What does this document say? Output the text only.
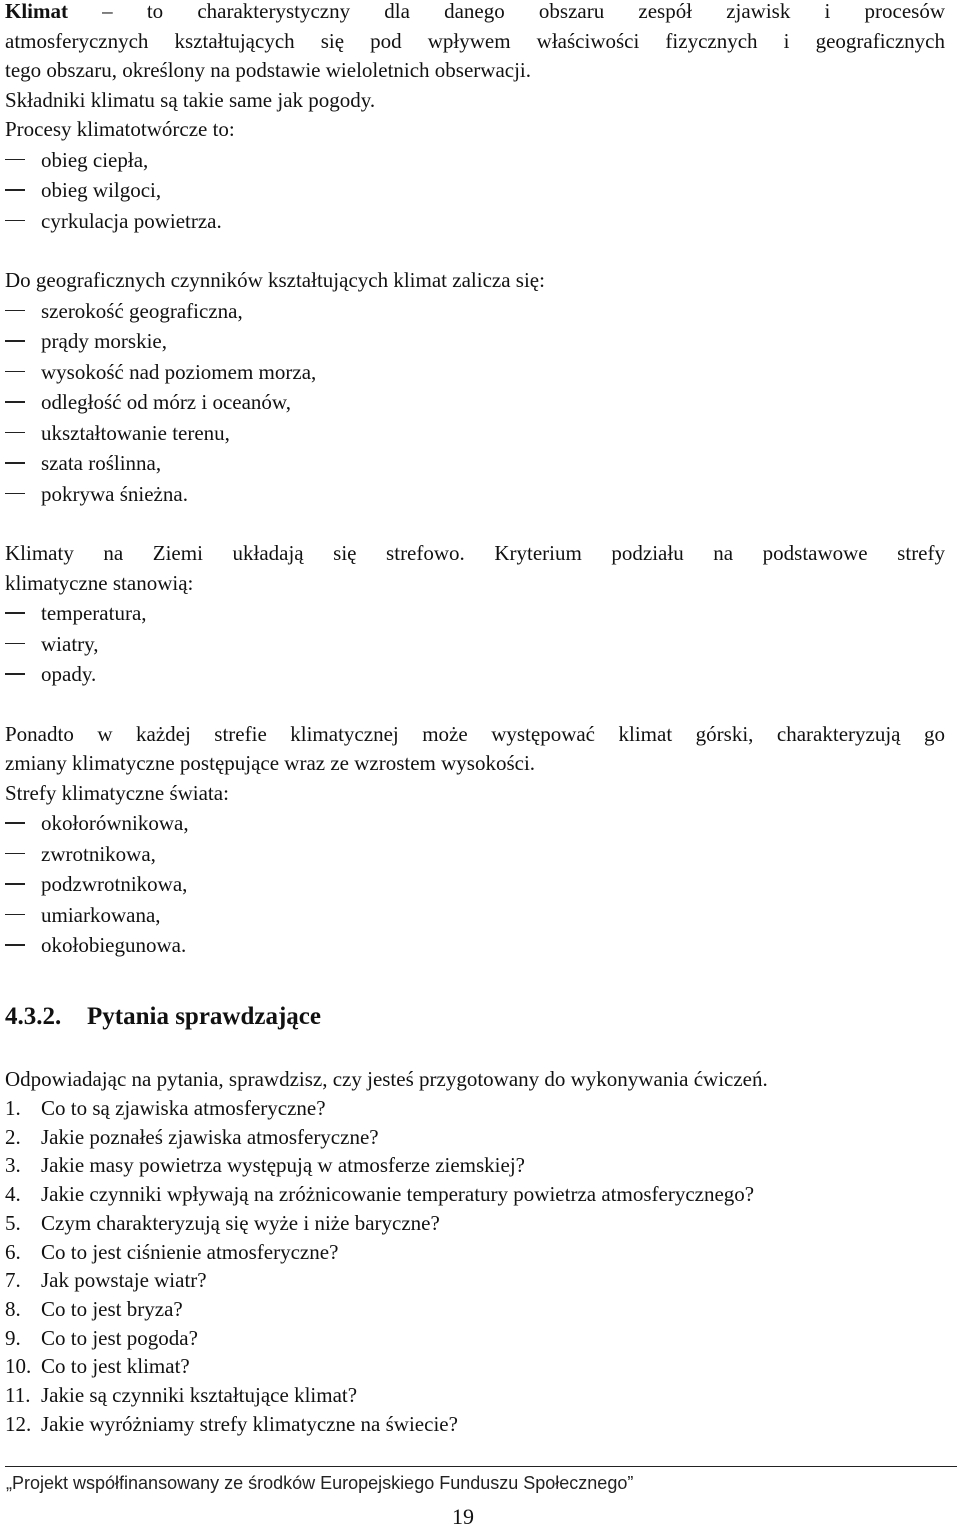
Klimat – to charakterystyczny dla danego obszaru zespół zjawisk i procesów

atmosferycznych kształtujących się pod wpływem właściwości fizycznych i geograficznych

tego obszaru, określony na podstawie wieloletnich obserwacji.

Składniki klimatu są takie same jak pogody.

Procesy klimatotwórcze to:

obieg ciepła,
obieg wilgoci,
cyrkulacja powietrza.

Do geograficznych czynników kształtujących klimat zalicza się:

szerokość geograficzna,
prądy morskie,
wysokość nad poziomem morza,
odległość od mórz i oceanów,
ukształtowanie terenu,
szata roślinna,
pokrywa śnieżna.

Klimaty na Ziemi układają się strefowo. Kryterium podziału na podstawowe strefy

klimatyczne stanowią:

temperatura,
wiatry,
opady.

Ponadto w każdej strefie klimatycznej może występować klimat górski, charakteryzują go

zmiany klimatyczne postępujące wraz ze wzrostem wysokości.

Strefy klimatyczne świata:

okołorównikowa,
zwrotnikowa,
podzwrotnikowa,
umiarkowana,
okołobiegunowa.
4.3.2. Pytania sprawdzające

Odpowiadając na pytania, sprawdzisz, czy jesteś przygotowany do wykonywania ćwiczeń.

1. Co to są zjawiska atmosferyczne?
2. Jakie poznałeś zjawiska atmosferyczne?
3. Jakie masy powietrza występują w atmosferze ziemskiej?
4. Jakie czynniki wpływają na zróżnicowanie temperatury powietrza atmosferycznego?
5. Czym charakteryzują się wyże i niże baryczne?
6. Co to jest ciśnienie atmosferyczne?
7. Jak powstaje wiatr?
8. Co to jest bryza?
9. Co to jest pogoda?
10. Co to jest klimat?
11. Jakie są czynniki kształtujące klimat?
12. Jakie wyróżniamy strefy klimatyczne na świecie?
„Projekt współfinansowany ze środków Europejskiego Funduszu Społecznego”
19
